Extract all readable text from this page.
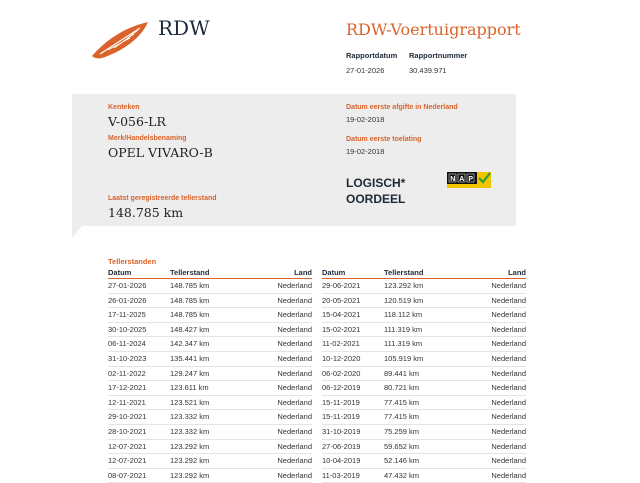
RDW	RDW-Voertuigrapport
Rapportdatum
27-01-2026
Rapportnummer
30.439.971
Kenteken
V-056-LR
Merk/Handelsbenaming
OPEL VIVARO-B
Laatst geregistreerde tellerstand
148.785 km
Datum eerste afgifte in Nederland
19-02-2018
Datum eerste toelating
19-02-2018
LOGISCH*
OORDEEL
N A P
Tellerstanden
Datum	Tellerstand	Land
27-01-2026	148.785 km	Nederland
26-01-2026	148.785 km	Nederland
17-11-2025	148.785 km	Nederland
30-10-2025	148.427 km	Nederland
06-11-2024	142.347 km	Nederland
31-10-2023	135.441 km	Nederland
02-11-2022	129.247 km	Nederland
17-12-2021	123.611 km	Nederland
12-11-2021	123.521 km	Nederland
29-10-2021	123.332 km	Nederland
28-10-2021	123.332 km	Nederland
12-07-2021	123.292 km	Nederland
12-07-2021	123.292 km	Nederland
08-07-2021	123.292 km	Nederland
Datum	Tellerstand	Land
29-06-2021	123.292 km	Nederland
20-05-2021	120.519 km	Nederland
15-04-2021	118.112 km	Nederland
15-02-2021	111.319 km	Nederland
11-02-2021	111.319 km	Nederland
10-12-2020	105.919 km	Nederland
06-02-2020	89.441 km	Nederland
06-12-2019	80.721 km	Nederland
15-11-2019	77.415 km	Nederland
15-11-2019	77.415 km	Nederland
31-10-2019	75.259 km	Nederland
27-06-2019	59.652 km	Nederland
10-04-2019	52.146 km	Nederland
11-03-2019	47.432 km	Nederland
